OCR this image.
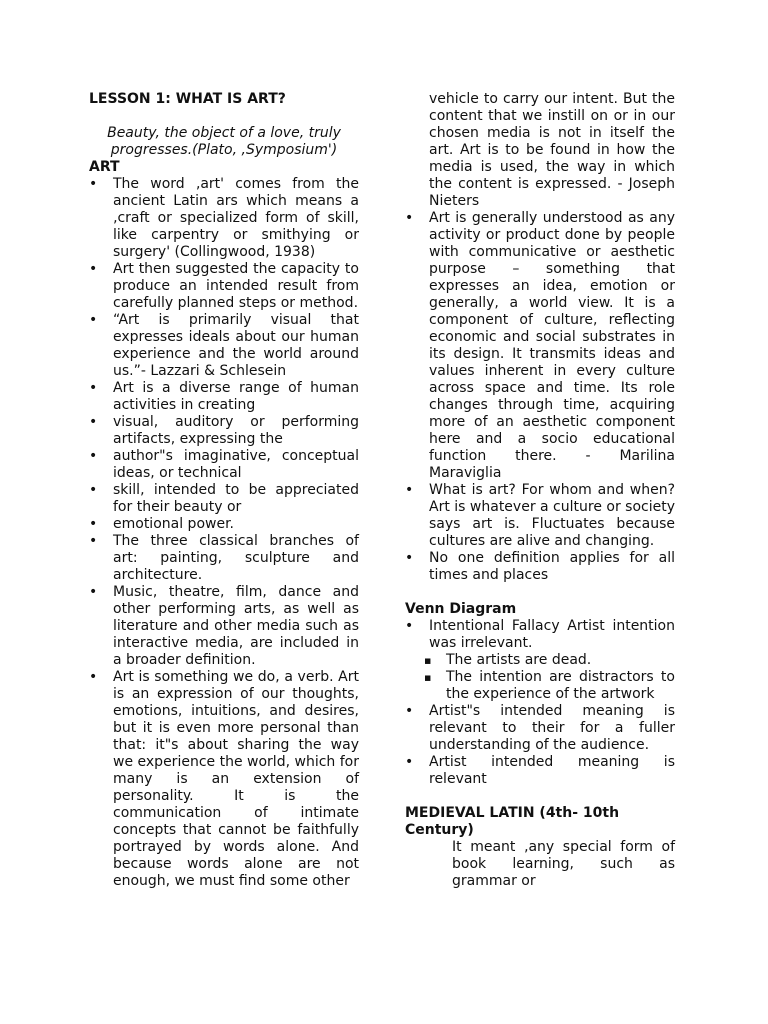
LESSON 1: WHAT IS ART?
Beauty, the object of a love, truly progresses.(Plato, ‚Symposium')
ART
• The word ‚art' comes from the ancient Latin ars which means a ‚craft or specialized form of skill, like carpentry or smithying or surgery' (Collingwood, 1938)
• Art then suggested the capacity to produce an intended result from carefully planned steps or method.
• “Art is primarily visual that expresses ideals about our human experience and the world around us.”- Lazzari & Schlesein
• Art is a diverse range of human activities in creating
• visual, auditory or performing artifacts, expressing the
• author"s imaginative, conceptual ideas, or technical
• skill, intended to be appreciated for their beauty or
• emotional power.
• The three classical branches of art: painting, sculpture and architecture.
• Music, theatre, film, dance and other performing arts, as well as literature and other media such as interactive media, are included in a broader definition.
• Art is something we do, a verb. Art is an expression of our thoughts, emotions, intuitions, and desires, but it is even more personal than that: it"s about sharing the way we experience the world, which for many is an extension of personality. It is the communication of intimate concepts that cannot be faithfully portrayed by words alone. And because words alone are not enough, we must find some other
vehicle to carry our intent. But the content that we instill on or in our chosen media is not in itself the art. Art is to be found in how the media is used, the way in which the content is expressed. - Joseph Nieters
• Art is generally understood as any activity or product done by people with communicative or aesthetic purpose – something that expresses an idea, emotion or generally, a world view. It is a component of culture, reflecting economic and social substrates in its design. It transmits ideas and values inherent in every culture across space and time. Its role changes through time, acquiring more of an aesthetic component here and a socio educational function there. - Marilina Maraviglia
• What is art? For whom and when? Art is whatever a culture or society says art is. Fluctuates because cultures are alive and changing.
• No one definition applies for all times and places
Venn Diagram
• Intentional Fallacy Artist intention was irrelevant.
▪ The artists are dead.
▪ The intention are distractors to the experience of the artwork
• Artist"s intended meaning is relevant to their for a fuller understanding of the audience.
• Artist intended meaning is relevant
MEDIEVAL LATIN (4th- 10th Century)
It meant ‚any special form of book learning, such as grammar or
